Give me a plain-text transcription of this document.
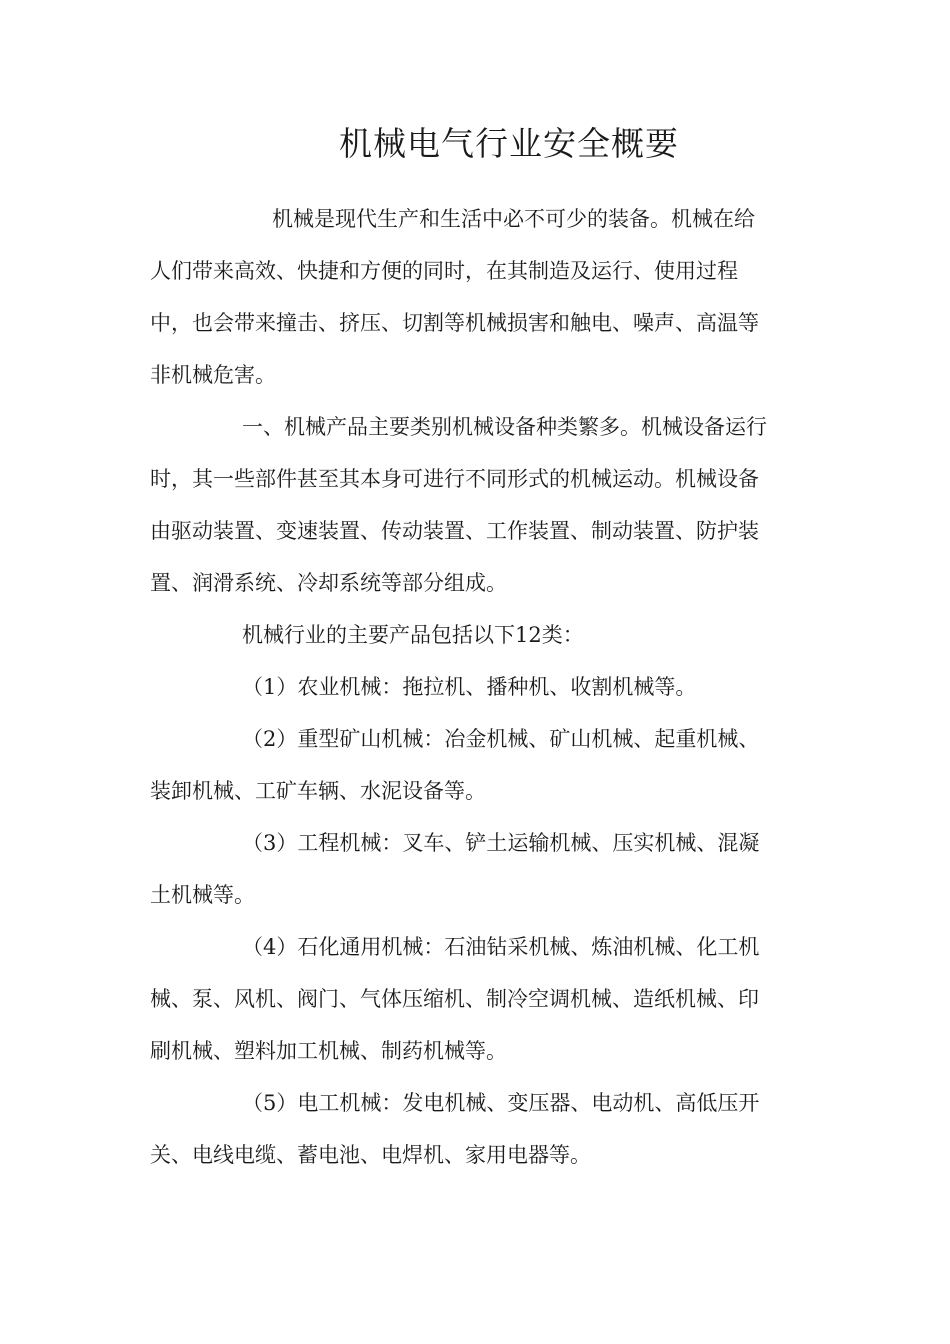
机械电气行业安全概要
机械是现代生产和生活中必不可少的装备。机械在给
人们带来高效、快捷和方便的同时，在其制造及运行、使用过程
中，也会带来撞击、挤压、切割等机械损害和触电、噪声、高温等
非机械危害。
一、机械产品主要类别机械设备种类繁多。机械设备运行
时，其一些部件甚至其本身可进行不同形式的机械运动。机械设备
由驱动装置、变速装置、传动装置、工作装置、制动装置、防护装
置、润滑系统、冷却系统等部分组成。
机械行业的主要产品包括以下12类：
（1）农业机械：拖拉机、播种机、收割机械等。
（2）重型矿山机械：冶金机械、矿山机械、起重机械、
装卸机械、工矿车辆、水泥设备等。
（3）工程机械：叉车、铲土运输机械、压实机械、混凝
土机械等。
（4）石化通用机械：石油钻采机械、炼油机械、化工机
械、泵、风机、阀门、气体压缩机、制冷空调机械、造纸机械、印
刷机械、塑料加工机械、制药机械等。
（5）电工机械：发电机械、变压器、电动机、高低压开
关、电线电缆、蓄电池、电焊机、家用电器等。
